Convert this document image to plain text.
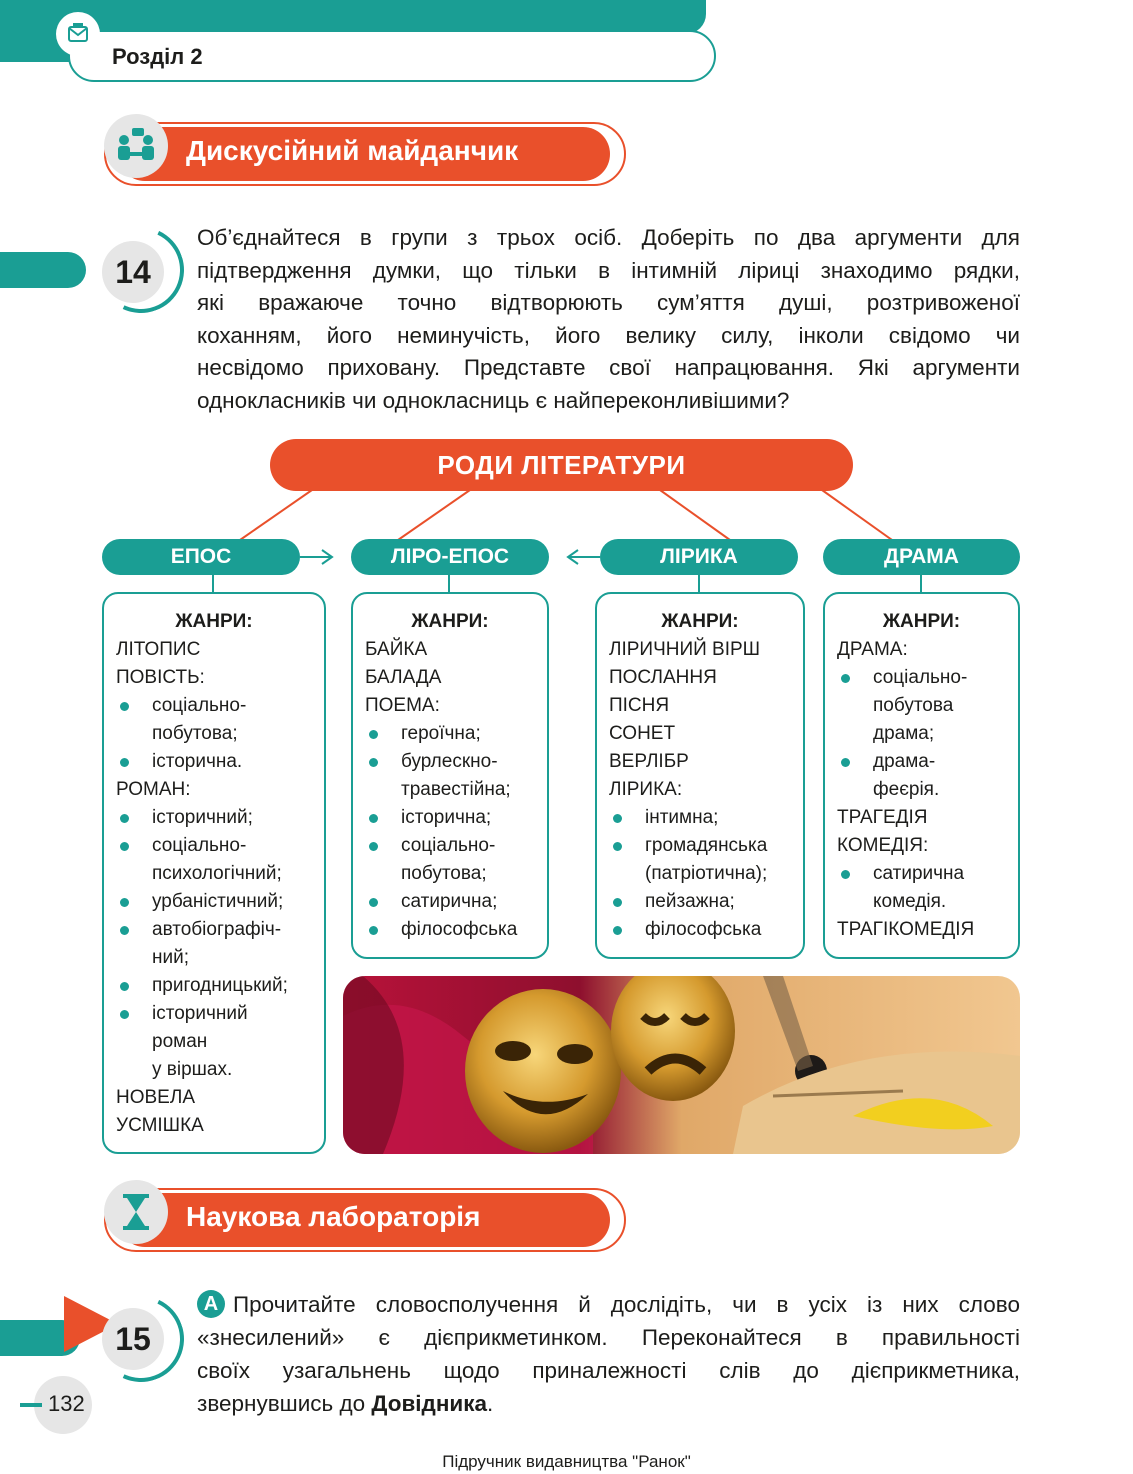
Розділ 2
Дискусійний майданчик
14
Об’єднайтеся в групи з трьох осіб. Доберіть по два аргументи для
підтвердження думки, що тільки в інтимній ліриці знаходимо рядки,
які вражаюче точно відтворюють сум’яття душі, розтривоженої
коханням, його неминучість, його велику силу, інколи свідомо чи
несвідомо приховану. Представте свої напрацювання. Які аргументи
однокласників чи однокласниць є найпереконливішими?
РОДИ ЛІТЕРАТУРИ
ЕПОС	ЛІРО-ЕПОС	ЛІРИКА	ДРАМА
ЖАНРИ:
ЛІТОПИС
ПОВІСТЬ:
соціально-
побутова;
історична.
РОМАН:
історичний;
соціально-
психологічний;
урбаністичний;
автобіографіч-
ний;
пригодницький;
історичний
роман
у віршах.
НОВЕЛА
УСМІШКА
ЖАНРИ:
БАЙКА
БАЛАДА
ПОЕМА:
героїчна;
бурлескно-
травестійна;
історична;
соціально-
побутова;
сатирична;
філософська
ЖАНРИ:
ЛІРИЧНИЙ ВІРШ
ПОСЛАННЯ
ПІСНЯ
СОНЕТ
ВЕРЛІБР
ЛІРИКА:
інтимна;
громадянська
(патріотична);
пейзажна;
філософська
ЖАНРИ:
ДРАМА:
соціально-
побутова
драма;
драма-
феєрія.
ТРАГЕДІЯ
КОМЕДІЯ:
сатирична
комедія.
ТРАГІКОМЕДІЯ
Наукова лабораторія
15
А Прочитайте словосполучення й дослідіть, чи в усіх із них слово
«знесилений» є дієприкметинком. Переконайтеся в правильності
своїх узагальнень щодо приналежності слів до дієприкметника,
звернувшись до Довідника.
132
Підручник видавництва "Ранок"
